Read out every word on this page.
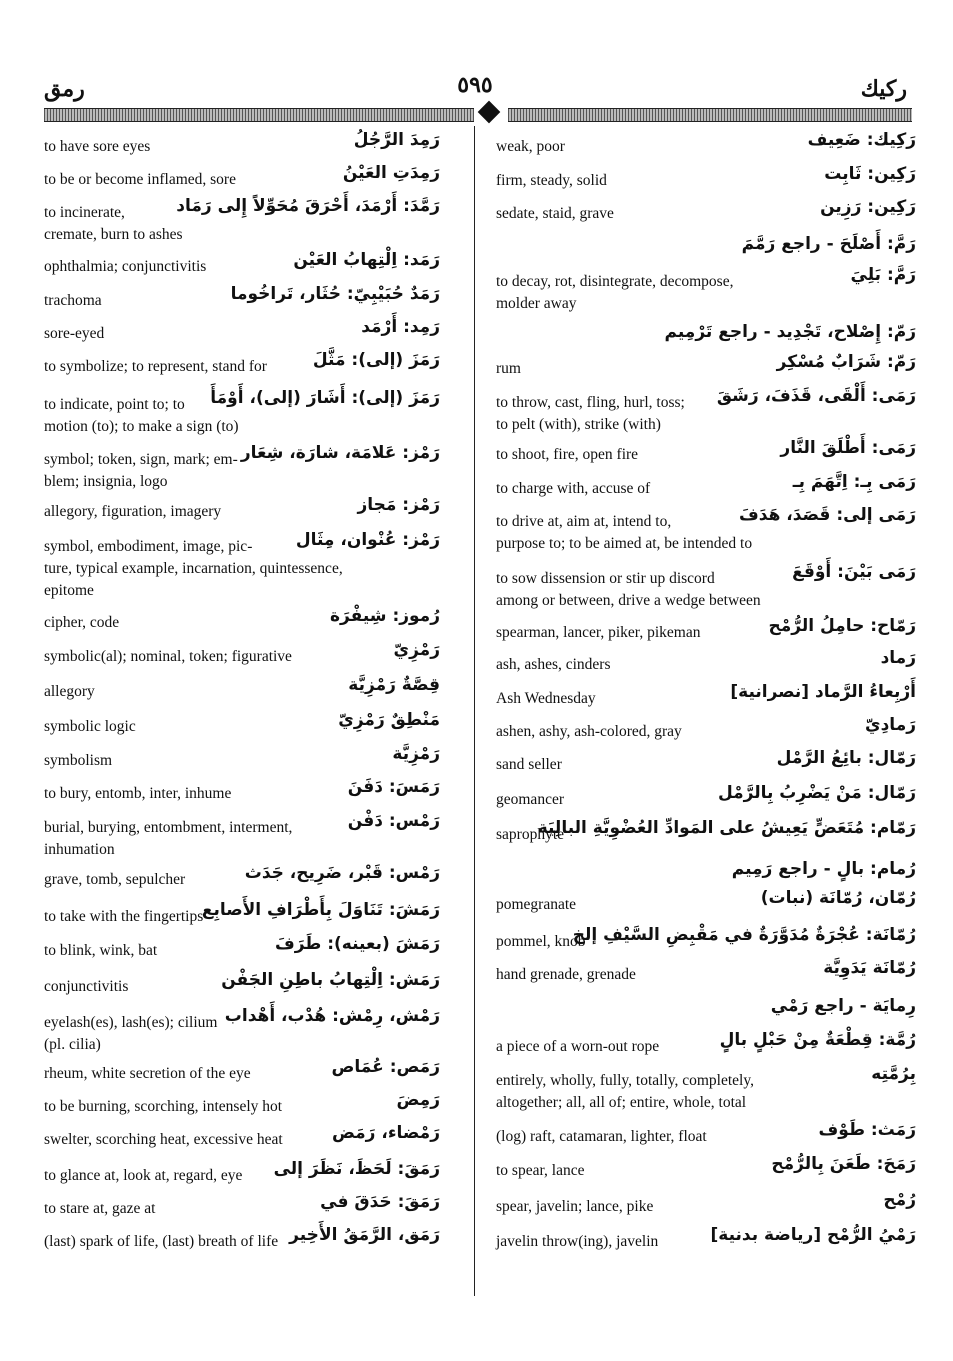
رمق	٥٩٥	ركيك
رَمِدَ الرَّجُلُ
to have sore eyes
رَمِدَتِ العَيْنُ
to be or become inflamed, sore
رَمَّدَ: أَرْمَدَ، أَحْرَقَ مُحَوِّلاً إِلى رَمَاد
to incinerate,
cremate, burn to ashes
رَمَد: اِلْتِهابُ العَيْن
ophthalmia; conjunctivitis
رَمَدٌ حُبَيْبِيّ: حُثَار، تَراخُوما
trachoma
رَمِد: أَرْمَد
sore-eyed
رَمَزَ (إلى): مَثَّلَ
to symbolize; to represent, stand for
رَمَزَ (إلى): أَشَارَ (إلى)، أَوْمَأَ
to indicate, point to; to
motion (to); to make a sign (to)
رَمْز: عَلامَة، شارَة، شِعَار
symbol; token, sign, mark; em-
blem; insignia, logo
رَمْز: مَجاز
allegory, figuration, imagery
رَمْز: عُنْوان، مِثَال
symbol, embodiment, image, pic-
ture, typical example, incarnation, quintessence,
epitome
رُموز: شِيفْرَة
cipher, code
رَمْزِيّ
symbolic(al); nominal, token; figurative
قِصَّةٌ رَمْزِيَّة
allegory
مَنْطِقٌ رَمْزِيّ
symbolic logic
رَمْزِيَّة
symbolism
رَمَسَ: دَفَنَ
to bury, entomb, inter, inhume
رَمْس: دَفْن
burial, burying, entombment, interment,
inhumation
رَمْس: قَبْر، ضَرِيح، جَدَث
grave, tomb, sepulcher
رَمَشَ: تَنَاوَلَ بِأَطْرَافِ الأَصابِع
to take with the fingertips
رَمَشَ (بعينه): طَرَفَ
to blink, wink, bat
رَمَش: اِلْتِهابُ باطِنِ الجَفْن
conjunctivitis
رَمْش، رِمْش: هُدْب، أَهْداب
eyelash(es), lash(es); cilium
(pl. cilia)
رَمَص: عُمَاص
rheum, white secretion of the eye
رَمِضَ
to be burning, scorching, intensely hot
رَمْضاء، رَمَض
swelter, scorching heat, excessive heat
رَمَقَ: لَحَظَ، نَظَرَ إلى
to glance at, look at, regard, eye
رَمَقَ: حَدَقَ في
to stare at, gaze at
رَمَق، الرَّمَقُ الأَخِير
(last) spark of life, (last) breath of life
رَكِيك: ضَعِيف
weak, poor
رَكِين: ثَابِت
firm, steady, solid
رَكِين: رَزِين
sedate, staid, grave
رَمَّ: أَصْلَحَ - راجع رَمَّمَ
رَمَّ: بَلِيَ
to decay, rot, disintegrate, decompose,
molder away
رَمّ: إِصْلاح، تَجْدِيد - راجع تَرْمِيم
رَمّ: شَرَابٌ مُسْكِر
rum
رَمَى: أَلْقَى، قَذَفَ، رَشَقَ
to throw, cast, fling, hurl, toss;
to pelt (with), strike (with)
رَمَى: أَطْلَقَ النَّار
to shoot, fire, open fire
رَمَى بِـ: اِتَّهَمَ بِـ
to charge with, accuse of
رَمَى إلى: قَصَدَ، هَدَفَ
to drive at, aim at, intend to,
purpose to; to be aimed at, be intended to
رَمَى بَيْنَ: أَوْقَعَ
to sow dissension or stir up discord
among or between, drive a wedge between
رَمّاح: حامِلُ الرُّمْح
spearman, lancer, piker, pikeman
رَماد
ash, ashes, cinders
أَرْبِعاءُ الرَّماد [نصرانية]
Ash Wednesday
رَمادِيّ
ashen, ashy, ash-colored, gray
رَمّال: بائِعُ الرَّمْل
sand seller
رَمّال: مَنْ يَضْرِبُ بِالرَّمْل
geomancer
رَمّام: مُتَعَضٍّ يَعِيشُ على المَوادِّ العُضْوِيَّةِ البالِيَة
saprophyte
رُمام: بالٍ - راجع رَمِيم
رُمّان، رُمّانَة (نبات)
pomegranate
رُمّانَة: عُجْرَةٌ مُدَوَّرَةٌ في مَقْبِضِ السَّيْفِ إلخ
pommel, knob
رُمّانَة يَدَوِيَّة
hand grenade, grenade
رِمايَة - راجع رَمْي
رُمَّة: قِطْعَةٌ مِنْ حَبْلٍ بالٍ
a piece of a worn-out rope
بِرُمَّتِه
entirely, wholly, fully, totally, completely,
altogether; all, all of; entire, whole, total
رَمَث: طَوْف
(log) raft, catamaran, lighter, float
رَمَحَ: طَعَنَ بِالرُّمْح
to spear, lance
رُمْح
spear, javelin; lance, pike
رَمْيُ الرُّمْح [رياضة بدنية]
javelin throw(ing), javelin
